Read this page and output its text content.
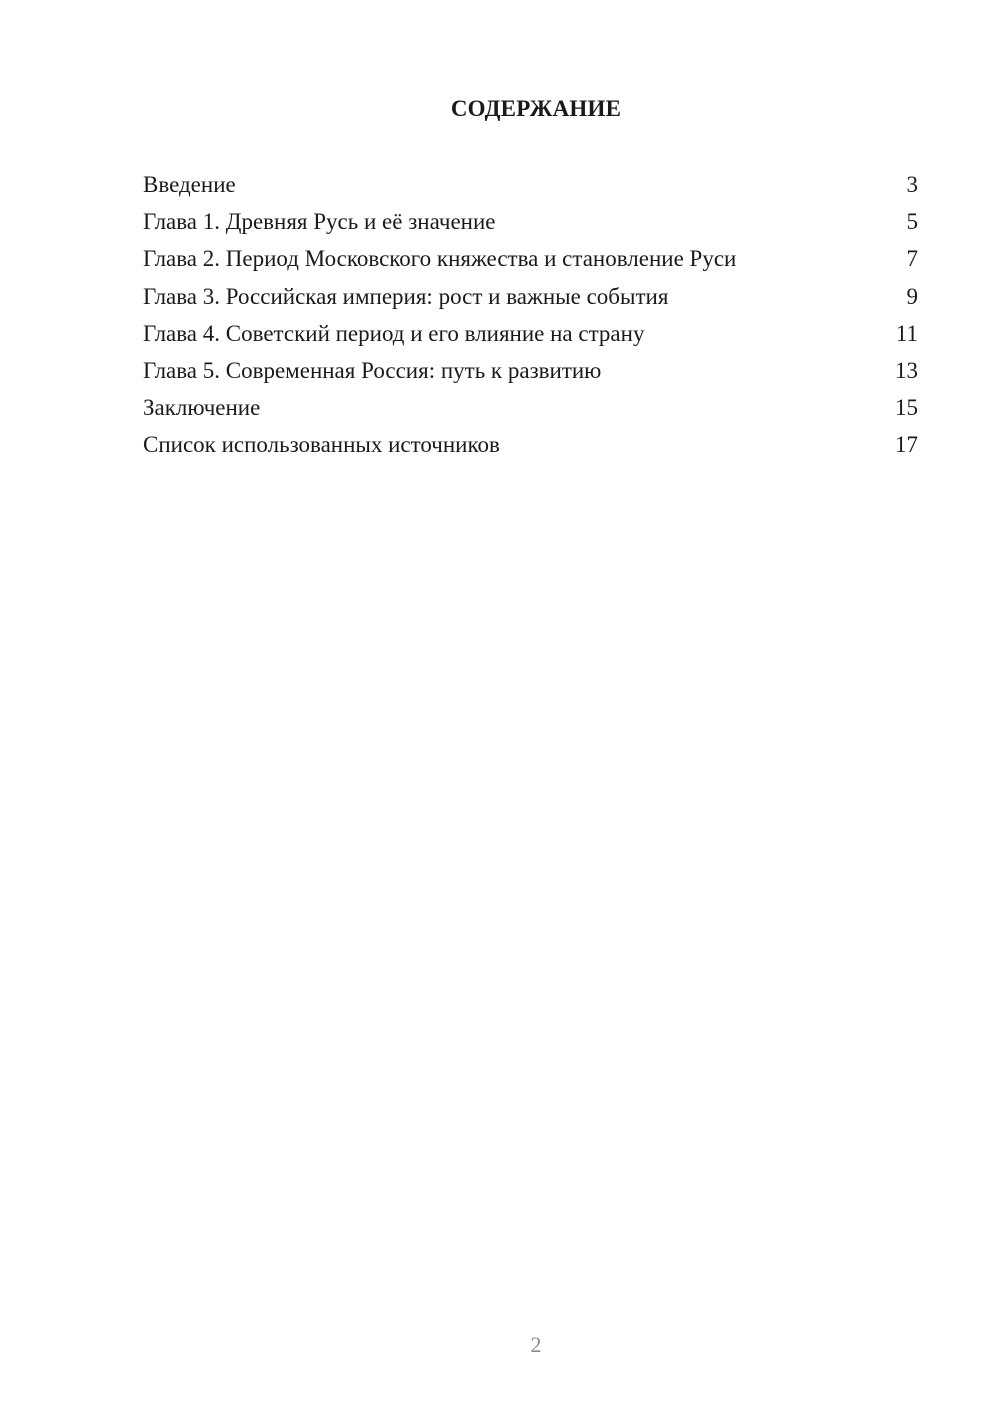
СОДЕРЖАНИЕ
Введение	3
Глава 1. Древняя Русь и её значение	5
Глава 2. Период Московского княжества и становление Руси	7
Глава 3. Российская империя: рост и важные события	9
Глава 4. Советский период и его влияние на страну	11
Глава 5. Современная Россия: путь к развитию	13
Заключение	15
Список использованных источников	17
2
